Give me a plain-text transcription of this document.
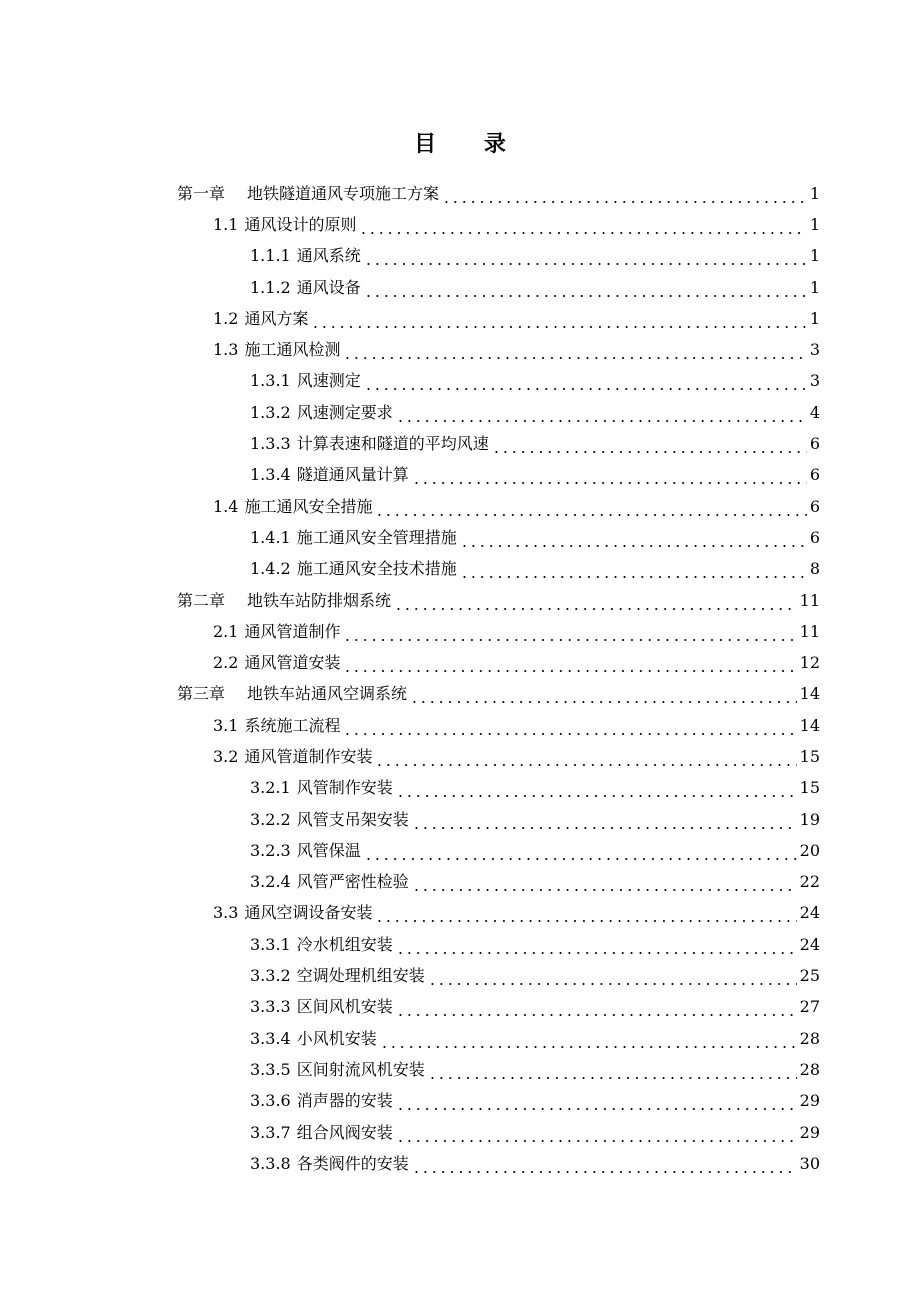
目 录
第一章 地铁隧道通风专项施工方案	1
1.1 通风设计的原则	1
1.1.1 通风系统	1
1.1.2 通风设备	1
1.2 通风方案	1
1.3 施工通风检测	3
1.3.1 风速测定	3
1.3.2 风速测定要求	4
1.3.3 计算表速和隧道的平均风速	6
1.3.4 隧道通风量计算	6
1.4 施工通风安全措施	6
1.4.1 施工通风安全管理措施	6
1.4.2 施工通风安全技术措施	8
第二章 地铁车站防排烟系统	11
2.1 通风管道制作	11
2.2 通风管道安装	12
第三章 地铁车站通风空调系统	14
3.1 系统施工流程	14
3.2 通风管道制作安装	15
3.2.1 风管制作安装	15
3.2.2 风管支吊架安装	19
3.2.3 风管保温	20
3.2.4 风管严密性检验	22
3.3 通风空调设备安装	24
3.3.1 冷水机组安装	24
3.3.2 空调处理机组安装	25
3.3.3 区间风机安装	27
3.3.4 小风机安装	28
3.3.5 区间射流风机安装	28
3.3.6 消声器的安装	29
3.3.7 组合风阀安装	29
3.3.8 各类阀件的安装	30
